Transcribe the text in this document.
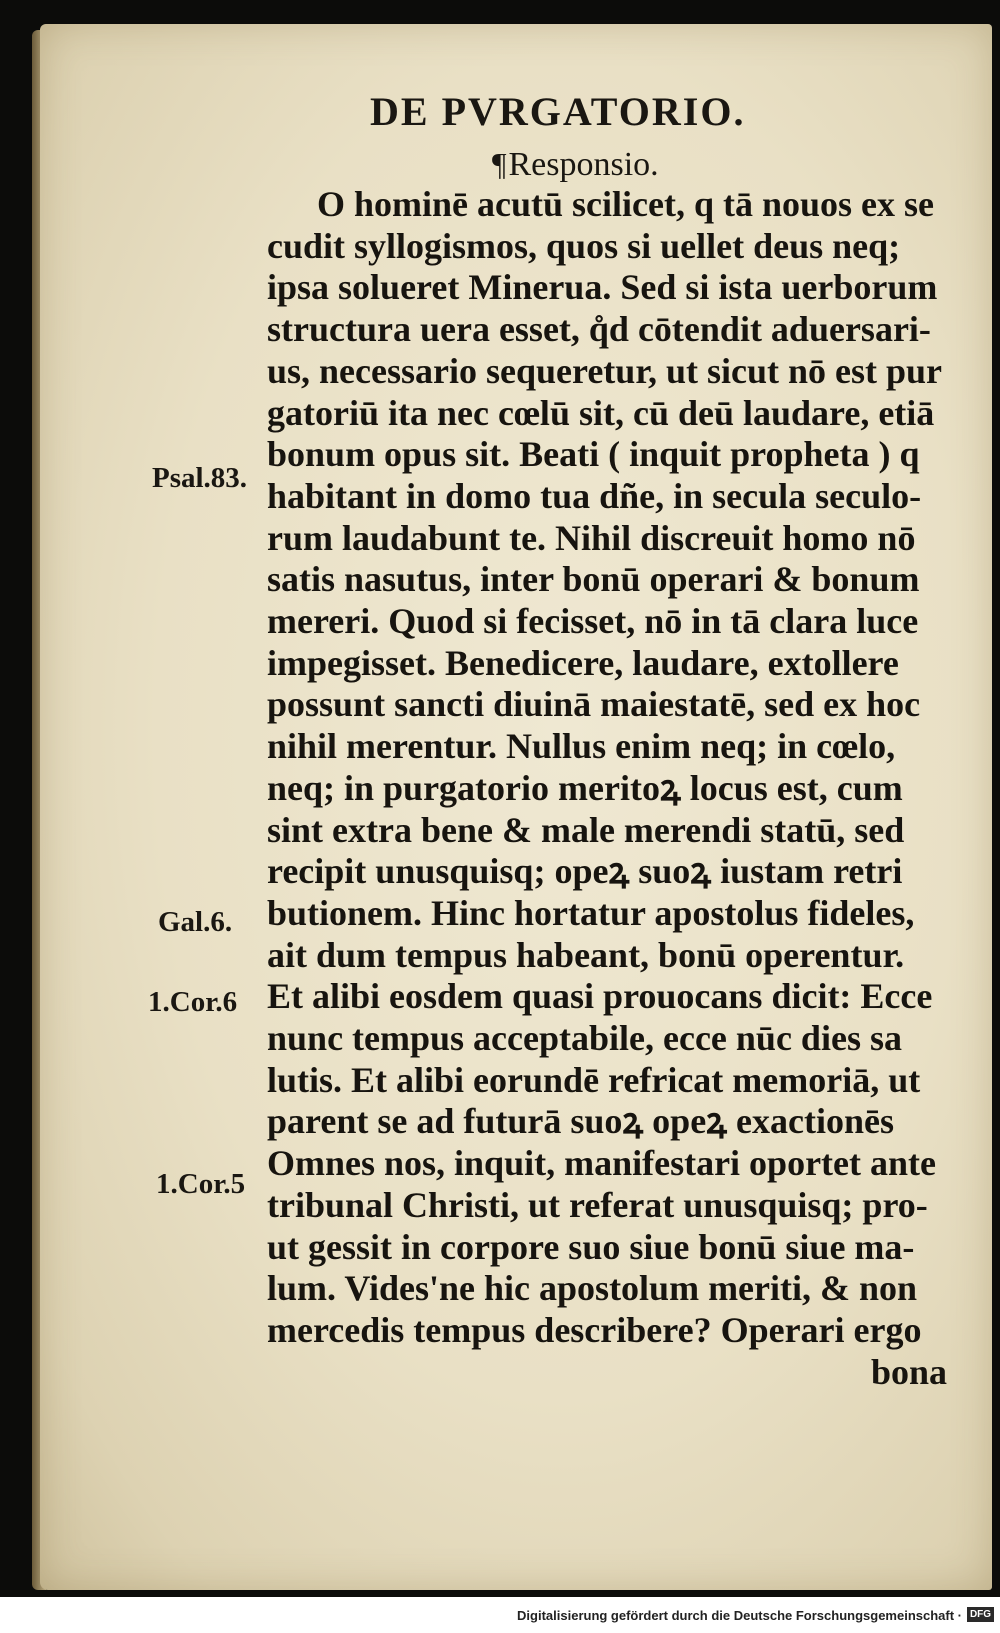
DE PVRGATORIO.
¶Responsio.
O hominē acutū scilicet, q tā nouos ex se
cudit syllogismos, quos si uellet deus neq;
ipsa solueret Minerua. Sed si ista uerborum
structura uera esset, q̊d cōtendit aduersari-
us, necessario sequeretur, ut sicut nō est pur
gatoriū ita nec cœlū sit, cū deū laudare, etiā
bonum opus sit. Beati ( inquit propheta ) q
habitant in domo tua dñe, in secula seculo-
rum laudabunt te. Nihil discreuit homo nō
satis nasutus, inter bonū operari & bonum
mereri. Quod si fecisset, nō in tā clara luce
impegisset. Benedicere, laudare, extollere
possunt sancti diuinā maiestatē, sed ex hoc
nihil merentur. Nullus enim neq; in cœlo,
neq; in purgatorio meritoꝝ locus est, cum
sint extra bene & male merendi statū, sed
recipit unusquisq; opeꝝ suoꝝ iustam retri
butionem. Hinc hortatur apostolus fideles,
ait dum tempus habeant, bonū operentur.
Et alibi eosdem quasi prouocans dicit: Ecce
nunc tempus acceptabile, ecce nūc dies sa
lutis. Et alibi eorundē refricat memoriā, ut
parent se ad futurā suoꝝ opeꝝ exactionēs
Omnes nos, inquit, manifestari oportet ante
tribunal Christi, ut referat unusquisq; pro-
ut gessit in corpore suo siue bonū siue ma-
lum. Vides'ne hic apostolum meriti, & non
mercedis tempus describere? Operari ergo
bona
Psal.83.
Gal.6.
1.Cor.6
1.Cor.5
Digitalisierung gefördert durch die Deutsche Forschungsgemeinschaft · DFG
